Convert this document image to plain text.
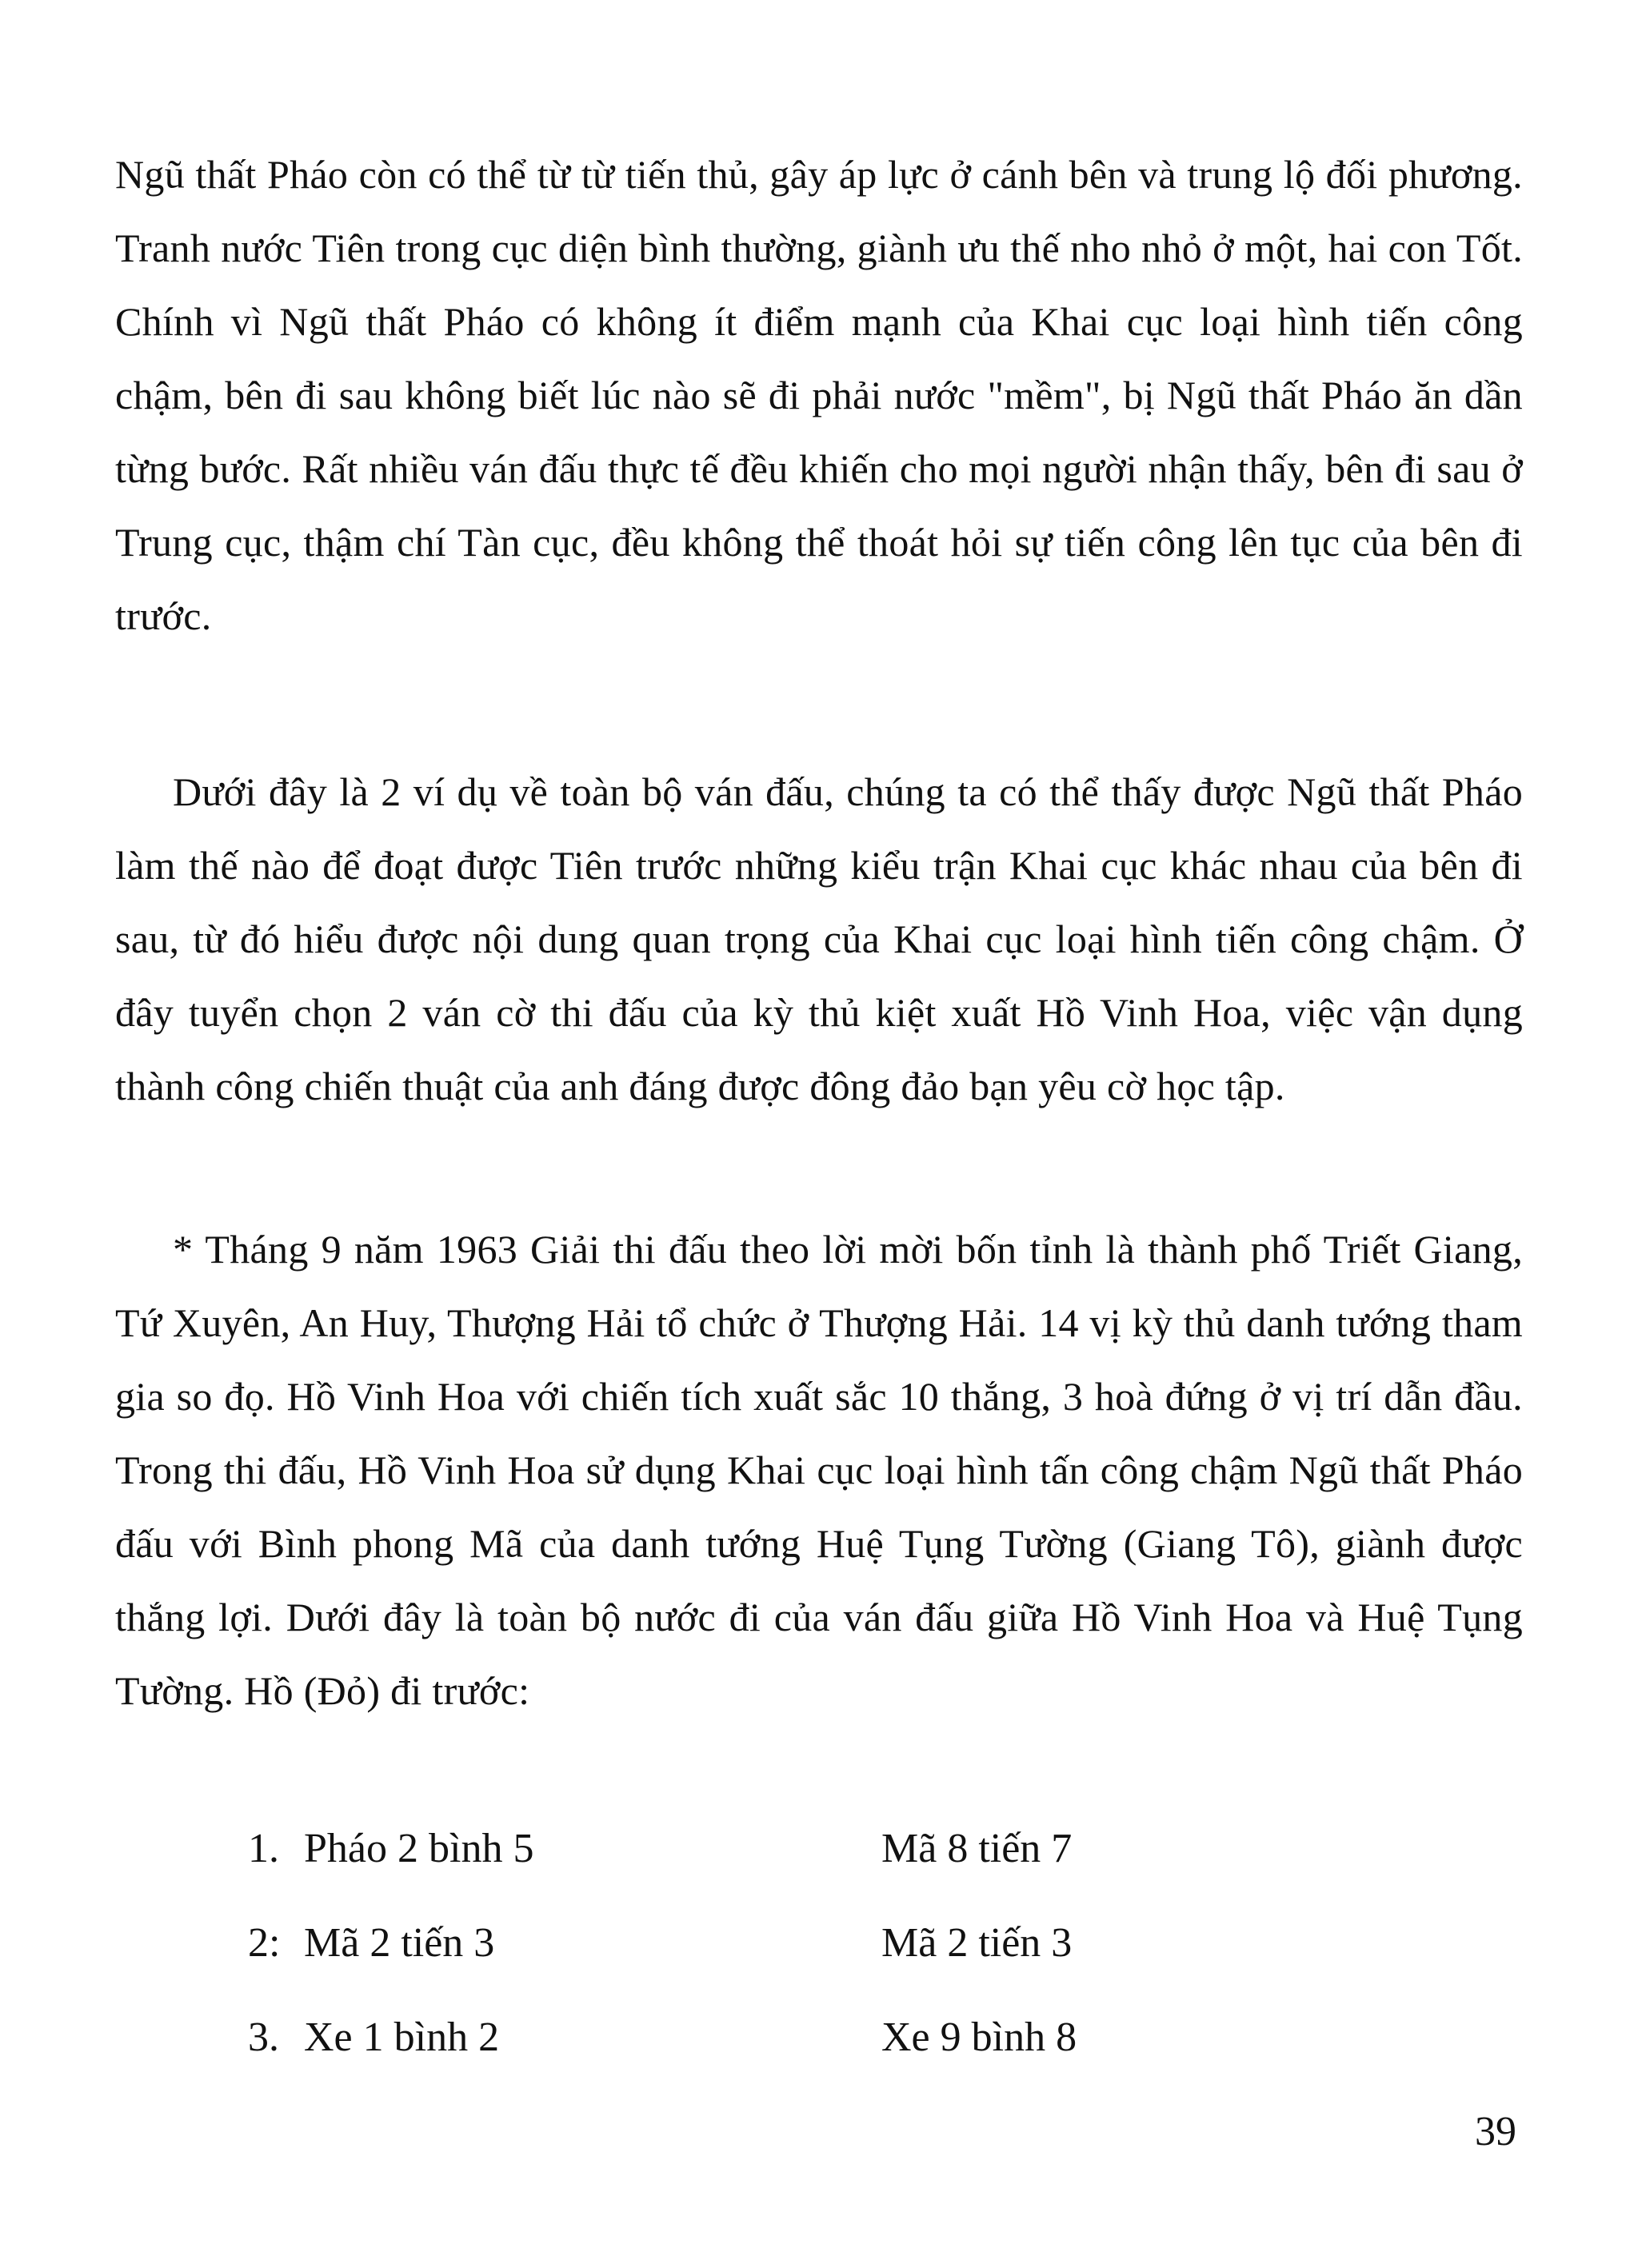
Ngũ thất Pháo còn có thể từ từ tiến thủ, gây áp lực ở cánh bên và trung lộ đối phương. Tranh nước Tiên trong cục diện bình thường, giành ưu thế nho nhỏ ở một, hai con Tốt. Chính vì Ngũ thất Pháo có không ít điểm mạnh của Khai cục loại hình tiến công chậm, bên đi sau không biết lúc nào sẽ đi phải nước "mềm", bị Ngũ thất Pháo ăn dần từng bước. Rất nhiều ván đấu thực tế đều khiến cho mọi người nhận thấy, bên đi sau ở Trung cục, thậm chí Tàn cục, đều không thể thoát hỏi sự tiến công lên tục của bên đi trước.

Dưới đây là 2 ví dụ về toàn bộ ván đấu, chúng ta có thể thấy được Ngũ thất Pháo làm thế nào để đoạt được Tiên trước những kiểu trận Khai cục khác nhau của bên đi sau, từ đó hiểu được nội dung quan trọng của Khai cục loại hình tiến công chậm. Ở đây tuyển chọn 2 ván cờ thi đấu của kỳ thủ kiệt xuất Hồ Vinh Hoa, việc vận dụng thành công chiến thuật của anh đáng được đông đảo bạn yêu cờ học tập.

* Tháng 9 năm 1963 Giải thi đấu theo lời mời bốn tỉnh là thành phố Triết Giang, Tứ Xuyên, An Huy, Thượng Hải tổ chức ở Thượng Hải. 14 vị kỳ thủ danh tướng tham gia so đọ. Hồ Vinh Hoa với chiến tích xuất sắc 10 thắng, 3 hoà đứng ở vị trí dẫn đầu. Trong thi đấu, Hồ Vinh Hoa sử dụng Khai cục loại hình tấn công chậm Ngũ thất Pháo đấu với Bình phong Mã của danh tướng Huệ Tụng Tường (Giang Tô), giành được thắng lợi. Dưới đây là toàn bộ nước đi của ván đấu giữa Hồ Vinh Hoa và Huệ Tụng Tường. Hồ (Đỏ) đi trước:

1. Pháo 2 bình 5	Mã 8 tiến 7
2: Mã 2 tiến 3	Mã 2 tiến 3
3. Xe 1 bình 2	Xe 9 bình 8
39
